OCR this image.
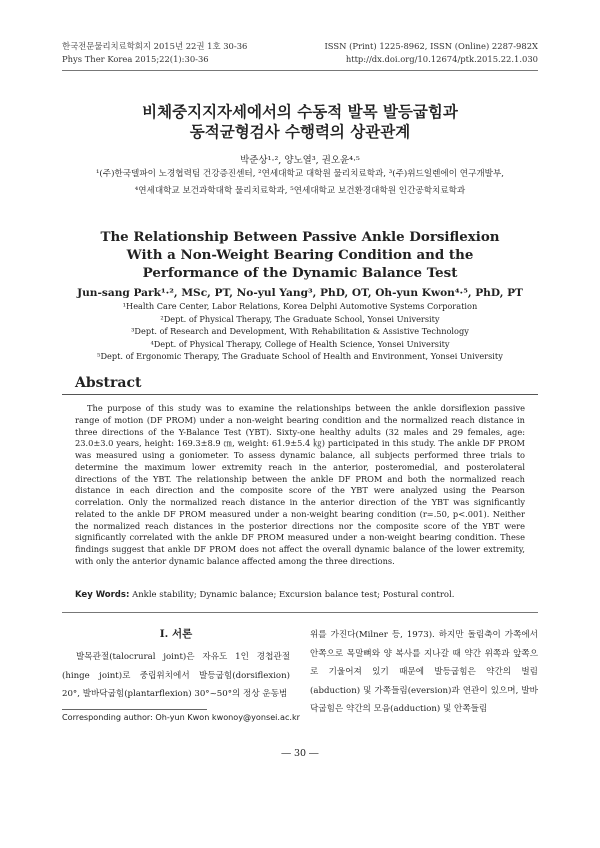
한국전문물리치료학회지 2015년 22권 1호 30-36
Phys Ther Korea 2015;22(1):30-36
ISSN (Print) 1225-8962, ISSN (Online) 2287-982X
http://dx.doi.org/10.12674/ptk.2015.22.1.030
비체중지지자세에서의 수동적 발목 발등굽힘과
동적균형검사 수행력의 상관관계
박준상¹·², 양노열³, 권오윤⁴·⁵
¹(주)한국델파이 노경협력팀 건강증진센터, ²연세대학교 대학원 물리치료학과, ³(주)위드일렌에이 연구개발부,
⁴연세대학교 보건과학대학 물리치료학과, ⁵연세대학교 보건환경대학원 인간공학치료학과
The Relationship Between Passive Ankle Dorsiflexion
With a Non-Weight Bearing Condition and the
Performance of the Dynamic Balance Test
Jun-sang Park¹·², MSc, PT, No-yul Yang³, PhD, OT, Oh-yun Kwon⁴·⁵, PhD, PT
¹Health Care Center, Labor Relations, Korea Delphi Automotive Systems Corporation
²Dept. of Physical Therapy, The Graduate School, Yonsei University
³Dept. of Research and Development, With Rehabilitation & Assistive Technology
⁴Dept. of Physical Therapy, College of Health Science, Yonsei University
⁵Dept. of Ergonomic Therapy, The Graduate School of Health and Environment, Yonsei University
Abstract
The purpose of this study was to examine the relationships between the ankle dorsiflexion passive range of motion (DF PROM) under a non-weight bearing condition and the normalized reach distance in three directions of the Y-Balance Test (YBT). Sixty-one healthy adults (32 males and 29 females, age: 23.0±3.0 years, height: 169.3±8.9 ㎝, weight: 61.9±5.4 ㎏) participated in this study. The ankle DF PROM was measured using a goniometer. To assess dynamic balance, all subjects performed three trials to determine the maximum lower extremity reach in the anterior, posteromedial, and posterolateral directions of the YBT. The relationship between the ankle DF PROM and both the normalized reach distance in each direction and the composite score of the YBT were analyzed using the Pearson correlation. Only the normalized reach distance in the anterior direction of the YBT was significantly related to the ankle DF PROM measured under a non-weight bearing condition (r=.50, p<.001). Neither the normalized reach distances in the posterior directions nor the composite score of the YBT were significantly correlated with the ankle DF PROM measured under a non-weight bearing condition. These findings suggest that ankle DF PROM does not affect the overall dynamic balance of the lower extremity, with only the anterior dynamic balance affected among the three directions.
Key Words: Ankle stability; Dynamic balance; Excursion balance test; Postural control.
Ⅰ. 서론
발목관절(talocrural joint)은 자유도 1인 경첩관절(hinge joint)로 중립위치에서 발등굽힘(dorsiflexion) 20°, 발바닥굽힘(plantarflexion) 30°~50°의 정상 운동범
위를 가진다(Milner 등, 1973). 하지만 돌림축이 가쪽에서 안쪽으로 목말뼈와 양 복사를 지나갈 때 약간 위쪽과 앞쪽으로 기울어져 있기 때문에 발등굽힘은 약간의 벌림(abduction) 및 가쪽들림(eversion)과 연관이 있으며, 발바닥굽힘은 약간의 모음(adduction) 및 안쪽들림
Corresponding author: Oh-yun Kwon kwonoy@yonsei.ac.kr
― 30 ―
